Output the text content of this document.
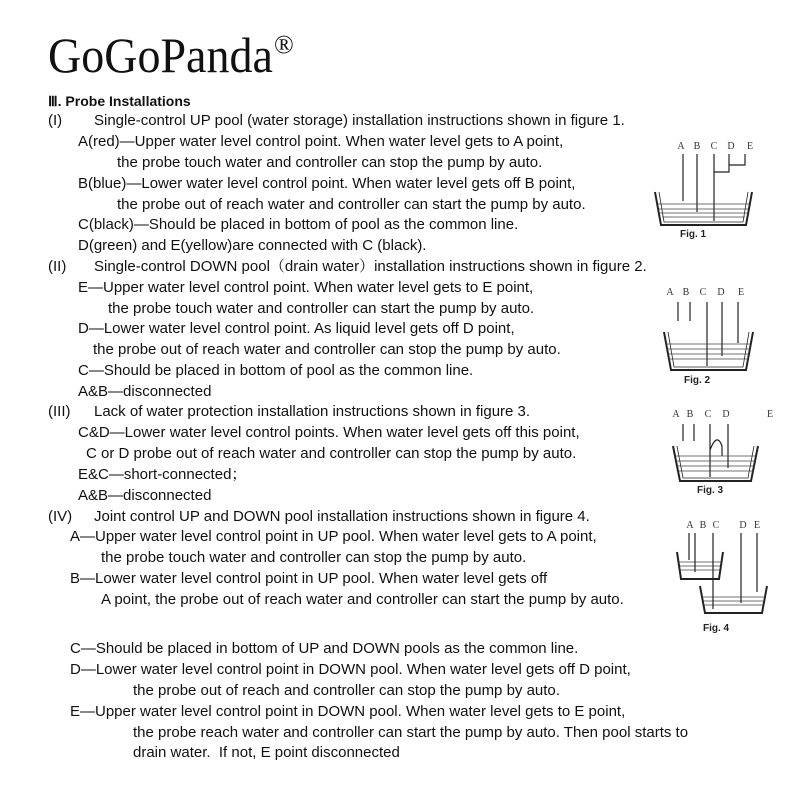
GoGoPanda ®
Ⅲ. Probe Installations
(I) Single-control UP pool (water storage) installation instructions shown in figure 1.
A(red)—Upper water level control point. When water level gets to A point,
the probe touch water and controller can stop the pump by auto.
B(blue)—Lower water level control point. When water level gets off B point,
the probe out of reach water and controller can start the pump by auto.
C(black)—Should be placed in bottom of pool as the common line.
D(green) and E(yellow)are connected with C (black).
(II) Single-control DOWN pool（drain water）installation instructions shown in figure 2.
E—Upper water level control point. When water level gets to E point,
the probe touch water and controller can start the pump by auto.
D—Lower water level control point. As liquid level gets off D point,
the probe out of reach water and controller can stop the pump by auto.
C—Should be placed in bottom of pool as the common line.
A&B—disconnected
(III) Lack of water protection installation instructions shown in figure 3.
C&D—Lower water level control points. When water level gets off this point,
C or D probe out of reach water and controller can stop the pump by auto.
E&C—short-connected；
A&B—disconnected
(IV) Joint control UP and DOWN pool installation instructions shown in figure 4.
A—Upper water level control point in UP pool. When water level gets to A point,
the probe touch water and controller can stop the pump by auto.
B—Lower water level control point in UP pool. When water level gets off
A point, the probe out of reach water and controller can start the pump by auto.
C—Should be placed in bottom of UP and DOWN pools as the common line.
D—Lower water level control point in DOWN pool. When water level gets off D point,
the probe out of reach and controller can stop the pump by auto.
E—Upper water level control point in DOWN pool. When water level gets to E point,
the probe reach water and controller can start the pump by auto. Then pool starts to
drain water.  If not, E point disconnected
A B C D E
Fig. 1
A B C D E
Fig. 2
A B C D	E
Fig. 3
A B C D E
Fig. 4
